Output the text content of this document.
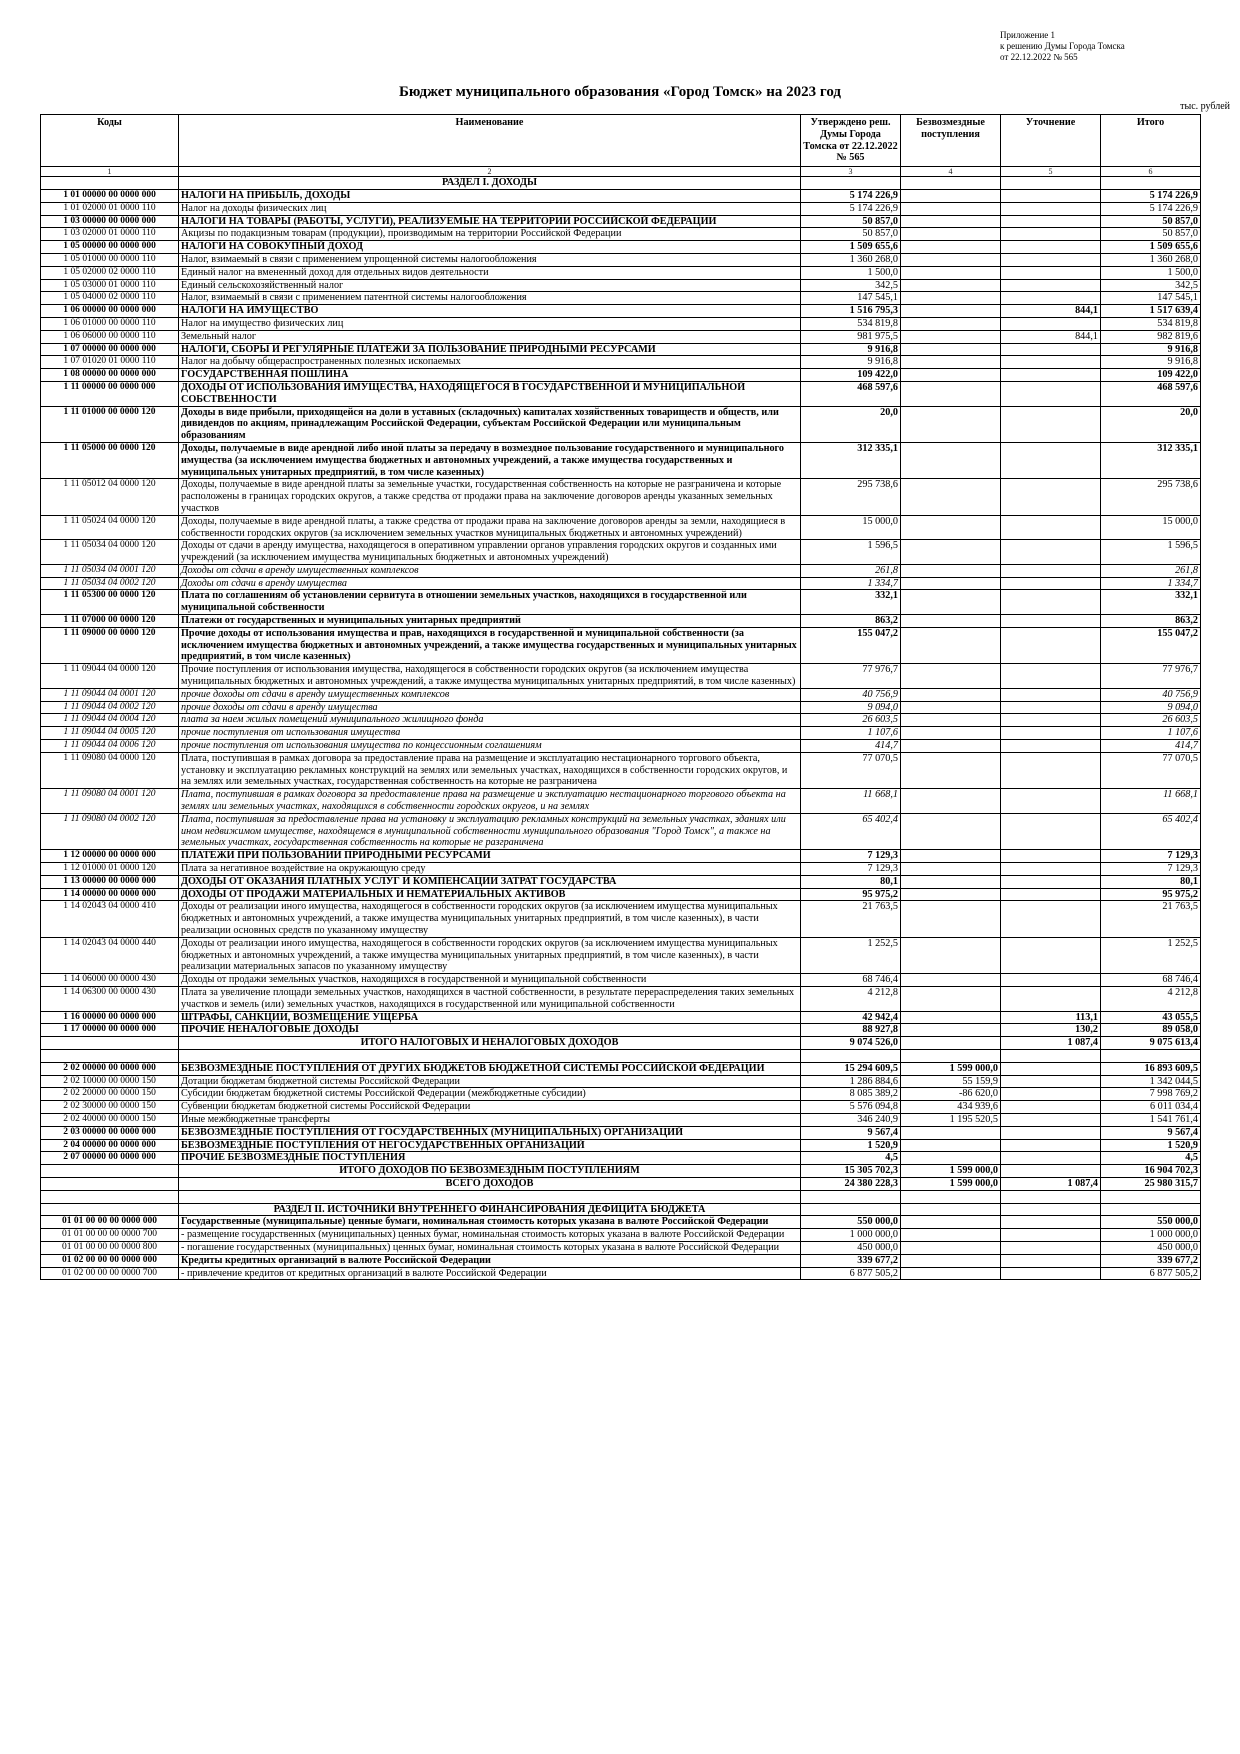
Приложение 1
к решению Думы Города Томска
от 22.12.2022 № 565
Бюджет муниципального образования «Город Томск» на 2023 год
тыс. рублей
Коды	Наименование	Утверждено реш. Думы Города Томска от 22.12.2022 № 565	Безвозмездные поступления	Уточнение	Итого
1	2	3	4	5	6
	РАЗДЕЛ I. ДОХОДЫ				
1 01 00000 00 0000 000	НАЛОГИ НА ПРИБЫЛЬ, ДОХОДЫ	5 174 226,9			5 174 226,9
1 01 02000 01 0000 110	Налог на доходы физических лиц	5 174 226,9			5 174 226,9
1 03 00000 00 0000 000	НАЛОГИ НА ТОВАРЫ (РАБОТЫ, УСЛУГИ), РЕАЛИЗУЕМЫЕ НА ТЕРРИТОРИИ РОССИЙСКОЙ ФЕДЕРАЦИИ	50 857,0			50 857,0
1 03 02000 01 0000 110	Акцизы по подакцизным товарам (продукции), производимым на территории Российской Федерации	50 857,0			50 857,0
1 05 00000 00 0000 000	НАЛОГИ НА СОВОКУПНЫЙ ДОХОД	1 509 655,6			1 509 655,6
1 05 01000 00 0000 110	Налог, взимаемый в связи с применением упрощенной системы налогообложения	1 360 268,0			1 360 268,0
1 05 02000 02 0000 110	Единый налог на вмененный доход для отдельных видов деятельности	1 500,0			1 500,0
1 05 03000 01 0000 110	Единый сельскохозяйственный налог	342,5			342,5
1 05 04000 02 0000 110	Налог, взимаемый в связи с применением патентной системы налогообложения	147 545,1			147 545,1
1 06 00000 00 0000 000	НАЛОГИ НА ИМУЩЕСТВО	1 516 795,3		844,1	1 517 639,4
1 06 01000 00 0000 110	Налог на имущество физических лиц	534 819,8			534 819,8
1 06 06000 00 0000 110	Земельный налог	981 975,5		844,1	982 819,6
1 07 00000 00 0000 000	НАЛОГИ, СБОРЫ И РЕГУЛЯРНЫЕ ПЛАТЕЖИ ЗА ПОЛЬЗОВАНИЕ ПРИРОДНЫМИ РЕСУРСАМИ	9 916,8			9 916,8
1 07 01020 01 0000 110	Налог на добычу общераспространенных полезных ископаемых	9 916,8			9 916,8
1 08 00000 00 0000 000	ГОСУДАРСТВЕННАЯ ПОШЛИНА	109 422,0			109 422,0
1 11 00000 00 0000 000	ДОХОДЫ ОТ ИСПОЛЬЗОВАНИЯ ИМУЩЕСТВА, НАХОДЯЩЕГОСЯ В ГОСУДАРСТВЕННОЙ И МУНИЦИПАЛЬНОЙ СОБСТВЕННОСТИ	468 597,6			468 597,6
1 11 01000 00 0000 120	Доходы в виде прибыли, приходящейся на доли в уставных (складочных) капиталах хозяйственных товариществ и обществ, или дивидендов по акциям, принадлежащим Российской Федерации, субъектам Российской Федерации или муниципальным образованиям	20,0			20,0
1 11 05000 00 0000 120	Доходы, получаемые в виде арендной либо иной платы за передачу в возмездное пользование государственного и муниципального имущества (за исключением имущества бюджетных и автономных учреждений, а также имущества государственных и муниципальных унитарных предприятий, в том числе казенных)	312 335,1			312 335,1
1 11 05012 04 0000 120	Доходы, получаемые в виде арендной платы за земельные участки, государственная собственность на которые не разграничена и которые расположены в границах городских округов, а также средства от продажи права на заключение договоров аренды указанных земельных участков	295 738,6			295 738,6
1 11 05024 04 0000 120	Доходы, получаемые в виде арендной платы, а также средства от продажи права на заключение договоров аренды за земли, находящиеся в собственности городских округов (за исключением земельных участков муниципальных бюджетных и автономных учреждений)	15 000,0			15 000,0
1 11 05034 04 0000 120	Доходы от сдачи в аренду имущества, находящегося в оперативном управлении органов управления городских округов и созданных ими учреждений (за исключением имущества муниципальных бюджетных и автономных учреждений)	1 596,5			1 596,5
1 11 05034 04 0001 120	Доходы от сдачи в аренду имущественных комплексов	261,8			261,8
1 11 05034 04 0002 120	Доходы от сдачи в аренду имущества	1 334,7			1 334,7
1 11 05300 00 0000 120	Плата по соглашениям об установлении сервитута в отношении земельных участков, находящихся в государственной или муниципальной собственности	332,1			332,1
1 11 07000 00 0000 120	Платежи от государственных и муниципальных унитарных предприятий	863,2			863,2
1 11 09000 00 0000 120	Прочие доходы от использования имущества и прав, находящихся в государственной и муниципальной собственности (за исключением имущества бюджетных и автономных учреждений, а также имущества государственных и муниципальных унитарных предприятий, в том числе казенных)	155 047,2			155 047,2
1 11 09044 04 0000 120	Прочие поступления от использования имущества, находящегося в собственности городских округов (за исключением имущества муниципальных бюджетных и автономных учреждений, а также имущества муниципальных унитарных предприятий, в том числе казенных)	77 976,7			77 976,7
1 11 09044 04 0001 120	прочие доходы от сдачи в аренду имущественных комплексов	40 756,9			40 756,9
1 11 09044 04 0002 120	прочие доходы от сдачи в аренду имущества	9 094,0			9 094,0
1 11 09044 04 0004 120	плата за наем жилых помещений муниципального жилищного фонда	26 603,5			26 603,5
1 11 09044 04 0005 120	прочие поступления от использования имущества	1 107,6			1 107,6
1 11 09044 04 0006 120	прочие поступления от использования имущества по концессионным соглашениям	414,7			414,7
1 11 09080 04 0000 120	Плата, поступившая в рамках договора за предоставление права на размещение и эксплуатацию нестационарного торгового объекта, установку и эксплуатацию рекламных конструкций на землях или земельных участках, находящихся в собственности городских округов, и на землях или земельных участках, государственная собственность на которые не разграничена	77 070,5			77 070,5
1 11 09080 04 0001 120	Плата, поступившая в рамках договора за предоставление права на размещение и эксплуатацию нестационарного торгового объекта на землях или земельных участках, находящихся в собственности городских округов, и на землях	11 668,1			11 668,1
1 11 09080 04 0002 120	Плата, поступившая за предоставление права на установку и эксплуатацию рекламных конструкций на земельных участках, зданиях или ином недвижимом имуществе, находящемся в муниципальной собственности муниципального образования "Город Томск", а также на земельных участках, государственная собственность на которые не разграничена	65 402,4			65 402,4
1 12 00000 00 0000 000	ПЛАТЕЖИ ПРИ ПОЛЬЗОВАНИИ ПРИРОДНЫМИ РЕСУРСАМИ	7 129,3			7 129,3
1 12 01000 01 0000 120	Плата за негативное воздействие на окружающую среду	7 129,3			7 129,3
1 13 00000 00 0000 000	ДОХОДЫ ОТ ОКАЗАНИЯ ПЛАТНЫХ УСЛУГ И КОМПЕНСАЦИИ ЗАТРАТ ГОСУДАРСТВА	80,1			80,1
1 14 00000 00 0000 000	ДОХОДЫ ОТ ПРОДАЖИ МАТЕРИАЛЬНЫХ И НЕМАТЕРИАЛЬНЫХ АКТИВОВ	95 975,2			95 975,2
1 14 02043 04 0000 410	Доходы от реализации иного имущества, находящегося в собственности городских округов (за исключением имущества муниципальных бюджетных и автономных учреждений, а также имущества муниципальных унитарных предприятий, в том числе казенных), в части реализации основных средств по указанному имуществу	21 763,5			21 763,5
1 14 02043 04 0000 440	Доходы от реализации иного имущества, находящегося в собственности городских округов (за исключением имущества муниципальных бюджетных и автономных учреждений, а также имущества муниципальных унитарных предприятий, в том числе казенных), в части реализации материальных запасов по указанному имуществу	1 252,5			1 252,5
1 14 06000 00 0000 430	Доходы от продажи земельных участков, находящихся в государственной и муниципальной собственности	68 746,4			68 746,4
1 14 06300 00 0000 430	Плата за увеличение площади земельных участков, находящихся в частной собственности, в результате перераспределения таких земельных участков и земель (или) земельных участков, находящихся в государственной или муниципальной собственности	4 212,8			4 212,8
1 16 00000 00 0000 000	ШТРАФЫ, САНКЦИИ, ВОЗМЕЩЕНИЕ УЩЕРБА	42 942,4		113,1	43 055,5
1 17 00000 00 0000 000	ПРОЧИЕ НЕНАЛОГОВЫЕ ДОХОДЫ	88 927,8		130,2	89 058,0
	ИТОГО НАЛОГОВЫХ И НЕНАЛОГОВЫХ ДОХОДОВ	9 074 526,0		1 087,4	9 075 613,4

2 02 00000 00 0000 000	БЕЗВОЗМЕЗДНЫЕ ПОСТУПЛЕНИЯ ОТ ДРУГИХ БЮДЖЕТОВ БЮДЖЕТНОЙ СИСТЕМЫ РОССИЙСКОЙ ФЕДЕРАЦИИ	15 294 609,5	1 599 000,0		16 893 609,5
2 02 10000 00 0000 150	Дотации бюджетам бюджетной системы Российской Федерации	1 286 884,6	55 159,9		1 342 044,5
2 02 20000 00 0000 150	Субсидии бюджетам бюджетной системы Российской Федерации (межбюджетные субсидии)	8 085 389,2	-86 620,0		7 998 769,2
2 02 30000 00 0000 150	Субвенции бюджетам бюджетной системы Российской Федерации	5 576 094,8	434 939,6		6 011 034,4
2 02 40000 00 0000 150	Иные межбюджетные трансферты	346 240,9	1 195 520,5		1 541 761,4
2 03 00000 00 0000 000	БЕЗВОЗМЕЗДНЫЕ ПОСТУПЛЕНИЯ ОТ ГОСУДАРСТВЕННЫХ (МУНИЦИПАЛЬНЫХ) ОРГАНИЗАЦИЙ	9 567,4			9 567,4
2 04 00000 00 0000 000	БЕЗВОЗМЕЗДНЫЕ ПОСТУПЛЕНИЯ ОТ НЕГОСУДАРСТВЕННЫХ ОРГАНИЗАЦИЙ	1 520,9			1 520,9
2 07 00000 00 0000 000	ПРОЧИЕ БЕЗВОЗМЕЗДНЫЕ ПОСТУПЛЕНИЯ	4,5			4,5
	ИТОГО ДОХОДОВ ПО БЕЗВОЗМЕЗДНЫМ ПОСТУПЛЕНИЯМ	15 305 702,3	1 599 000,0		16 904 702,3
	ВСЕГО ДОХОДОВ	24 380 228,3	1 599 000,0	1 087,4	25 980 315,7

	РАЗДЕЛ II. ИСТОЧНИКИ ВНУТРЕННЕГО ФИНАНСИРОВАНИЯ ДЕФИЦИТА БЮДЖЕТА				
01 01 00 00 00 0000 000	Государственные (муниципальные) ценные бумаги, номинальная стоимость которых указана в валюте Российской Федерации	550 000,0			550 000,0
01 01 00 00 00 0000 700	- размещение государственных (муниципальных) ценных бумаг, номинальная стоимость которых указана в валюте Российской Федерации	1 000 000,0			1 000 000,0
01 01 00 00 00 0000 800	- погашение государственных (муниципальных) ценных бумаг, номинальная стоимость которых указана в валюте Российской Федерации	450 000,0			450 000,0
01 02 00 00 00 0000 000	Кредиты кредитных организаций в валюте Российской Федерации	339 677,2			339 677,2
01 02 00 00 00 0000 700	- привлечение кредитов от кредитных организаций в валюте Российской Федерации	6 877 505,2			6 877 505,2
